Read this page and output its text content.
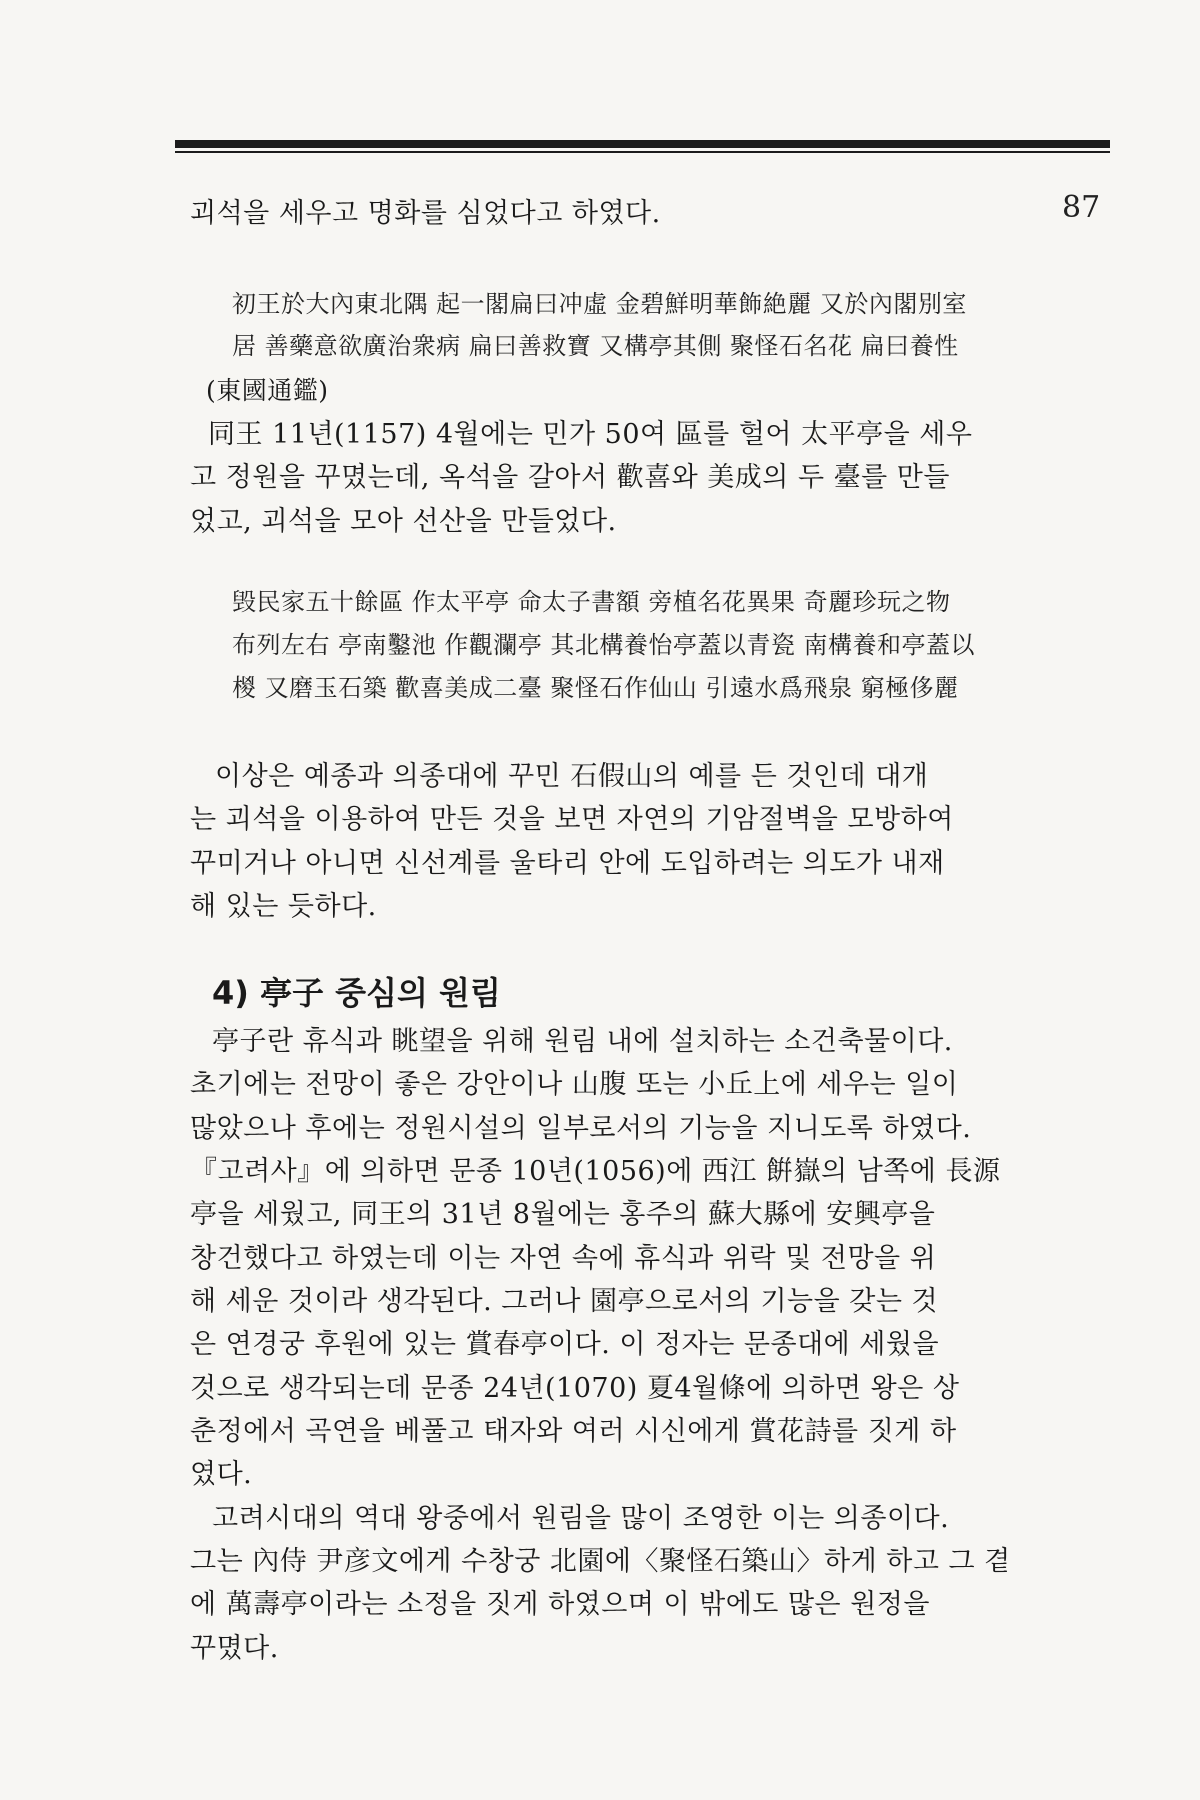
87
괴석을 세우고 명화를 심었다고 하였다.
初王於大內東北隅 起一閣扁曰冲虛 金碧鮮明華飾絶麗 又於內閣別室
居 善藥意欲廣治衆病 扁曰善救寶 又構亭其側 聚怪石名花 扁曰養性
(東國通鑑)
同王 11년(1157) 4월에는 민가 50여 區를 헐어 太平亭을 세우
고 정원을 꾸몄는데, 옥석을 갈아서 歡喜와 美成의 두 臺를 만들
었고, 괴석을 모아 선산을 만들었다.
毁民家五十餘區 作太平亭 命太子書額 旁植名花異果 奇麗珍玩之物
布列左右 亭南鑿池 作觀瀾亭 其北構養怡亭蓋以青瓷 南構養和亭蓋以
椶 又磨玉石築 歡喜美成二臺 聚怪石作仙山 引遠水爲飛泉 窮極侈麗
이상은 예종과 의종대에 꾸민 石假山의 예를 든 것인데 대개
는 괴석을 이용하여 만든 것을 보면 자연의 기암절벽을 모방하여
꾸미거나 아니면 신선계를 울타리 안에 도입하려는 의도가 내재
해 있는 듯하다.
4) 亭子 중심의 원림
亭子란 휴식과 眺望을 위해 원림 내에 설치하는 소건축물이다.
초기에는 전망이 좋은 강안이나 山腹 또는 小丘上에 세우는 일이
많았으나 후에는 정원시설의 일부로서의 기능을 지니도록 하였다.
『고려사』에 의하면 문종 10년(1056)에 西江 餠嶽의 남쪽에 長源
亭을 세웠고, 同王의 31년 8월에는 홍주의 蘇大縣에 安興亭을
창건했다고 하였는데 이는 자연 속에 휴식과 위락 및 전망을 위
해 세운 것이라 생각된다. 그러나 園亭으로서의 기능을 갖는 것
은 연경궁 후원에 있는 賞春亭이다. 이 정자는 문종대에 세웠을
것으로 생각되는데 문종 24년(1070) 夏4월條에 의하면 왕은 상
춘정에서 곡연을 베풀고 태자와 여러 시신에게 賞花詩를 짓게 하
였다.
고려시대의 역대 왕중에서 원림을 많이 조영한 이는 의종이다.
그는 內侍 尹彦文에게 수창궁 北園에〈聚怪石築山〉하게 하고 그 곁
에 萬壽亭이라는 소정을 짓게 하였으며 이 밖에도 많은 원정을
꾸몄다.
